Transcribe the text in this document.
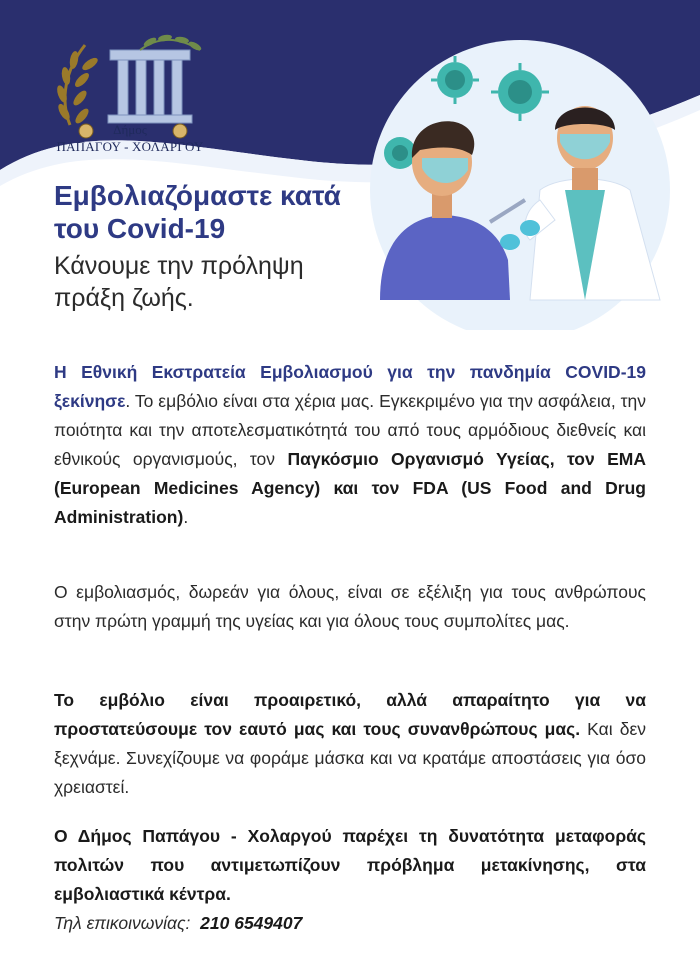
Δήμος
ΠΑΠΑΓΟΥ - ΧΟΛΑΡΓΟΥ
Εμβολιαζόμαστε κατά
του Covid-19
Κάνουμε την πρόληψη
πράξη ζωής.

Η Εθνική Εκστρατεία Εμβολιασμού για την πανδημία COVID-19 ξεκίνησε. Το εμβόλιο είναι στα χέρια μας. Εγκεκριμένο για την ασφάλεια, την ποιότητα και την αποτελεσματικότητά του από τους αρμόδιους διεθνείς και εθνικούς οργανισμούς, τον Παγκόσμιο Οργανισμό Υγείας, τον EMA (European Medicines Agency) και τον FDA (US Food and Drug Administration).

Ο εμβολιασμός, δωρεάν για όλους, είναι σε εξέλιξη για τους ανθρώπους στην πρώτη γραμμή της υγείας και για όλους τους συμπολίτες μας.

Το εμβόλιο είναι προαιρετικό, αλλά απαραίτητο για να προστατεύσουμε τον εαυτό μας και τους συνανθρώπους μας. Και δεν ξεχνάμε. Συνεχίζουμε να φοράμε μάσκα και να κρατάμε αποστάσεις για όσο χρειαστεί.

Ο Δήμος Παπάγου - Χολαργού παρέχει τη δυνατότητα μεταφοράς πολιτών που αντιμετωπίζουν πρόβλημα μετακίνησης, στα εμβολιαστικά κέντρα.
Τηλ επικοινωνίας: 210 6549407
